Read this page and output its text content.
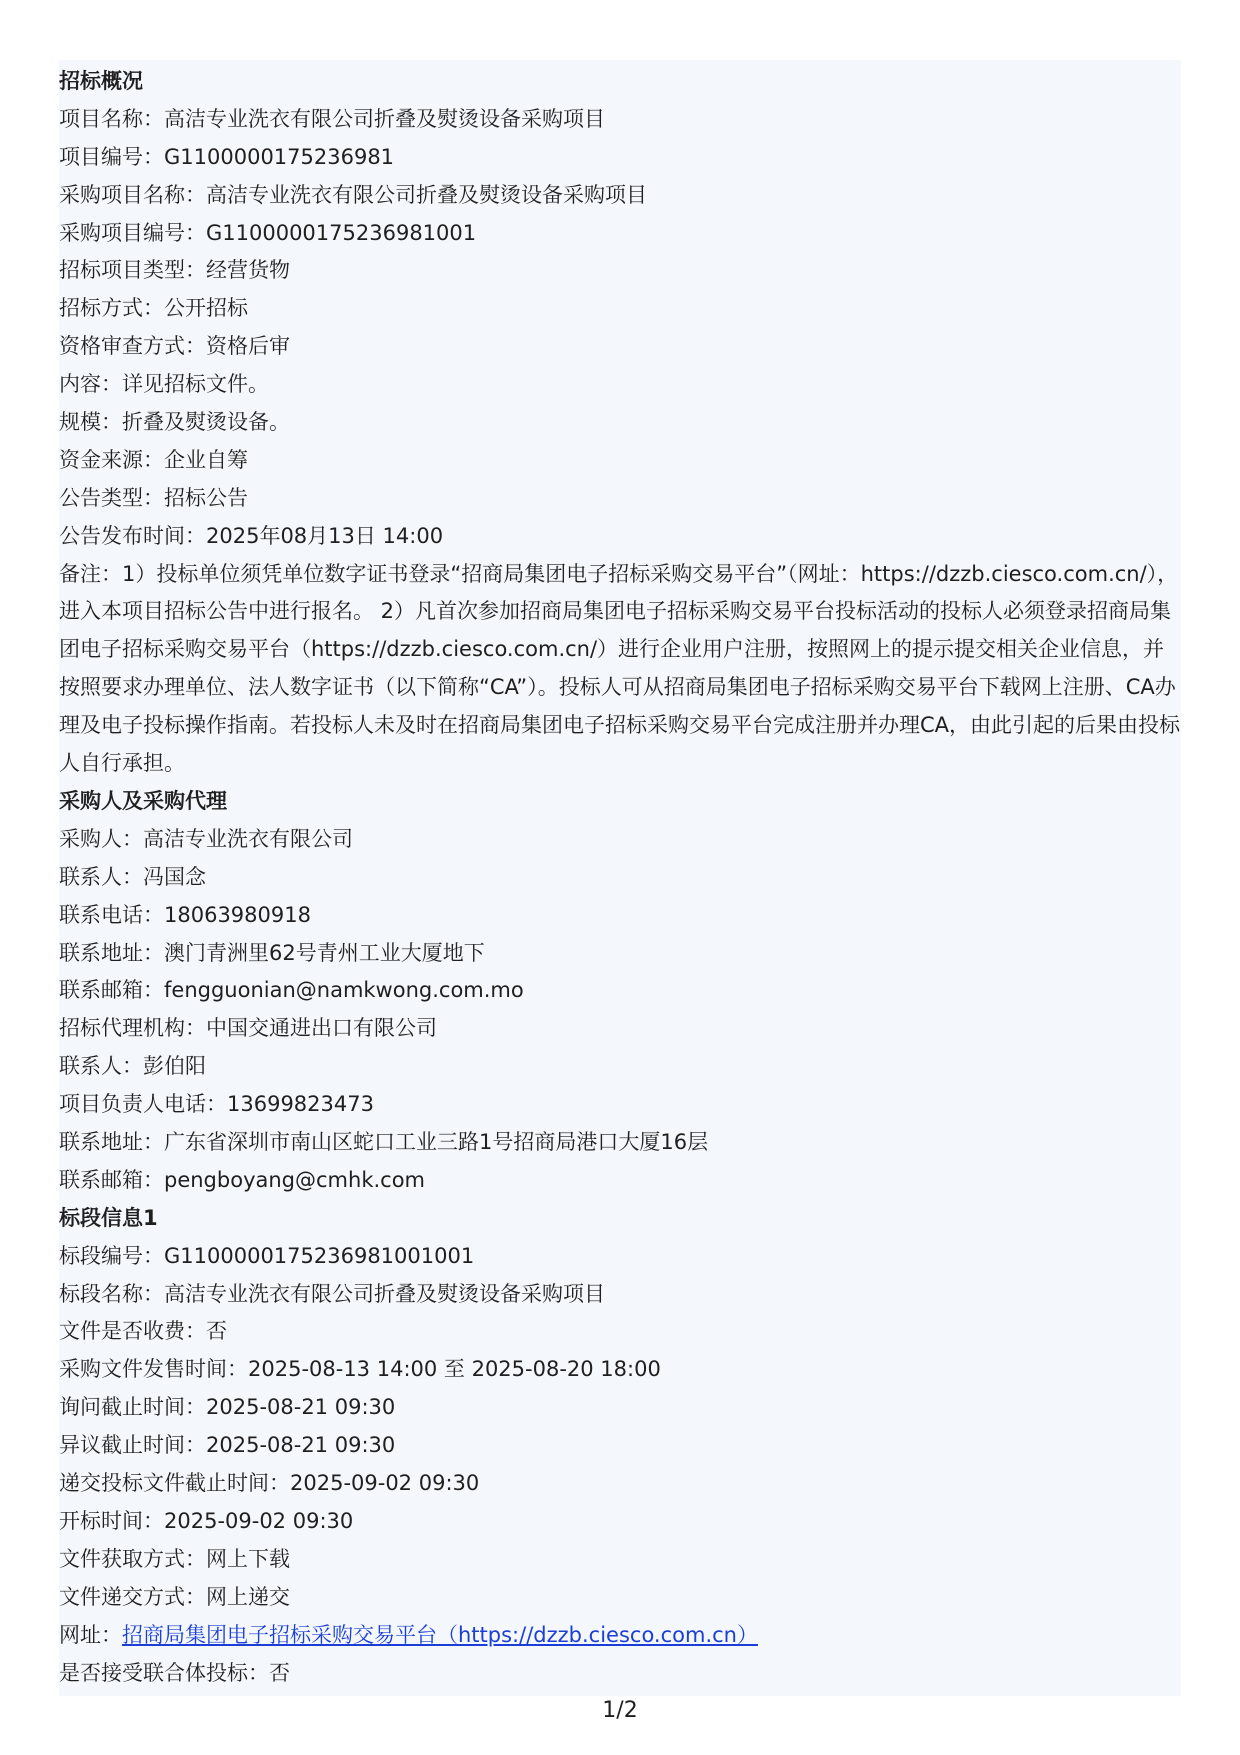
招标概况
项目名称：高洁专业洗衣有限公司折叠及熨烫设备采购项目
项目编号：G1100000175236981
采购项目名称：高洁专业洗衣有限公司折叠及熨烫设备采购项目
采购项目编号：G1100000175236981001
招标项目类型：经营货物
招标方式：公开招标
资格审查方式：资格后审
内容：详见招标文件。
规模：折叠及熨烫设备。
资金来源：企业自筹
公告类型：招标公告
公告发布时间：2025年08月13日 14:00
备注：1）投标单位须凭单位数字证书登录“招商局集团电子招标采购交易平台”（网址：https://dzzb.ciesco.com.cn/），进入本项目招标公告中进行报名。 2）凡首次参加招商局集团电子招标采购交易平台投标活动的投标人必须登录招商局集团电子招标采购交易平台（https://dzzb.ciesco.com.cn/）进行企业用户注册，按照网上的提示提交相关企业信息，并按照要求办理单位、法人数字证书（以下简称“CA”）。投标人可从招商局集团电子招标采购交易平台下载网上注册、CA办理及电子投标操作指南。若投标人未及时在招商局集团电子招标采购交易平台完成注册并办理CA，由此引起的后果由投标人自行承担。
采购人及采购代理
采购人：高洁专业洗衣有限公司
联系人：冯国念
联系电话：18063980918
联系地址：澳门青洲里62号青州工业大厦地下
联系邮箱：fengguonian@namkwong.com.mo
招标代理机构：中国交通进出口有限公司
联系人：彭伯阳
项目负责人电话：13699823473
联系地址：广东省深圳市南山区蛇口工业三路1号招商局港口大厦16层
联系邮箱：pengboyang@cmhk.com
标段信息1
标段编号：G1100000175236981001001
标段名称：高洁专业洗衣有限公司折叠及熨烫设备采购项目
文件是否收费：否
采购文件发售时间：2025-08-13 14:00 至 2025-08-20 18:00
询问截止时间：2025-08-21 09:30
异议截止时间：2025-08-21 09:30
递交投标文件截止时间：2025-09-02 09:30
开标时间：2025-09-02 09:30
文件获取方式：网上下载
文件递交方式：网上递交
网址：招商局集团电子招标采购交易平台（https://dzzb.ciesco.com.cn）
是否接受联合体投标：否
1/2
